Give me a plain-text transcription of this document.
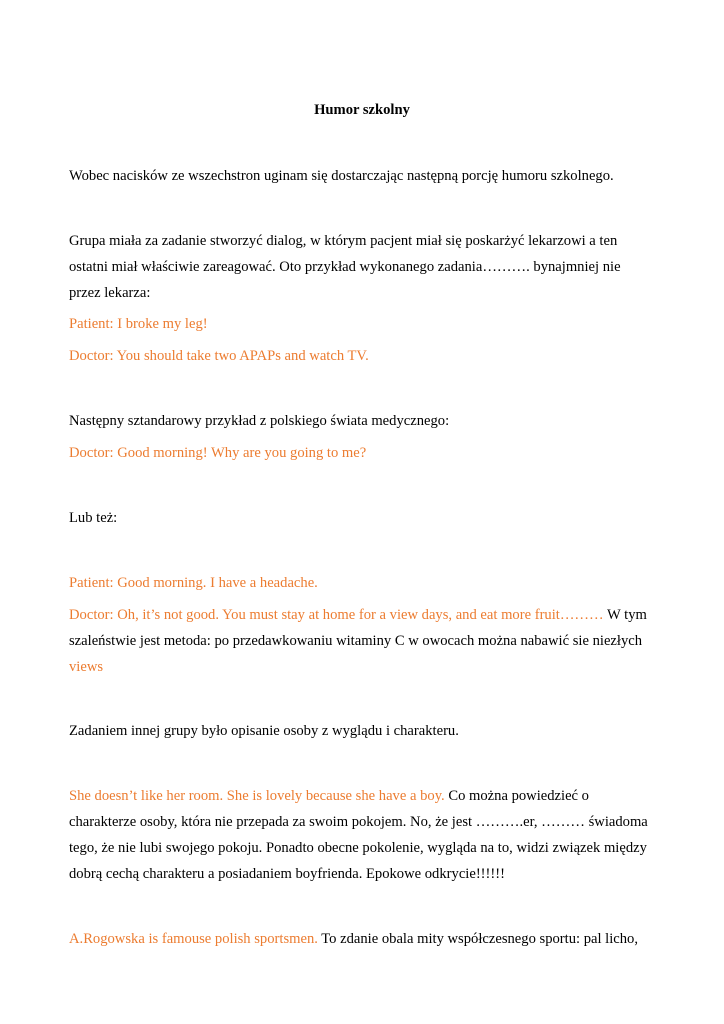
Humor szkolny
Wobec nacisków ze wszechstron uginam się dostarczając następną porcję humoru szkolnego.
Grupa miała za zadanie stworzyć dialog, w którym pacjent miał się poskarżyć lekarzowi a ten
ostatni miał właściwie zareagować. Oto przykład wykonanego zadania………. bynajmniej nie
przez lekarza:
Patient: I broke my leg!
Doctor: You should take two APAPs and watch TV.
Następny sztandarowy przykład z polskiego świata medycznego:
Doctor: Good morning! Why are you going to me?
Lub też:
Patient: Good morning. I have a headache.
Doctor: Oh, it’s not good. You must stay at home for a view days, and eat more fruit……… W tym
szaleństwie jest metoda: po przedawkowaniu witaminy C w owocach można nabawić sie niezłych
views
Zadaniem innej grupy było opisanie osoby z wyglądu i charakteru.
She doesn’t like her room. She is lovely because she have a boy. Co można powiedzieć o
charakterze osoby, która nie przepada za swoim pokojem. No, że jest ……….er, ……… świadoma
tego, że nie lubi swojego pokoju. Ponadto obecne pokolenie, wygląda na to, widzi związek między
dobrą cechą charakteru a posiadaniem boyfrienda. Epokowe odkrycie!!!!!!
A.Rogowska is famouse polish sportsmen. To zdanie obala mity współczesnego sportu: pal licho,
